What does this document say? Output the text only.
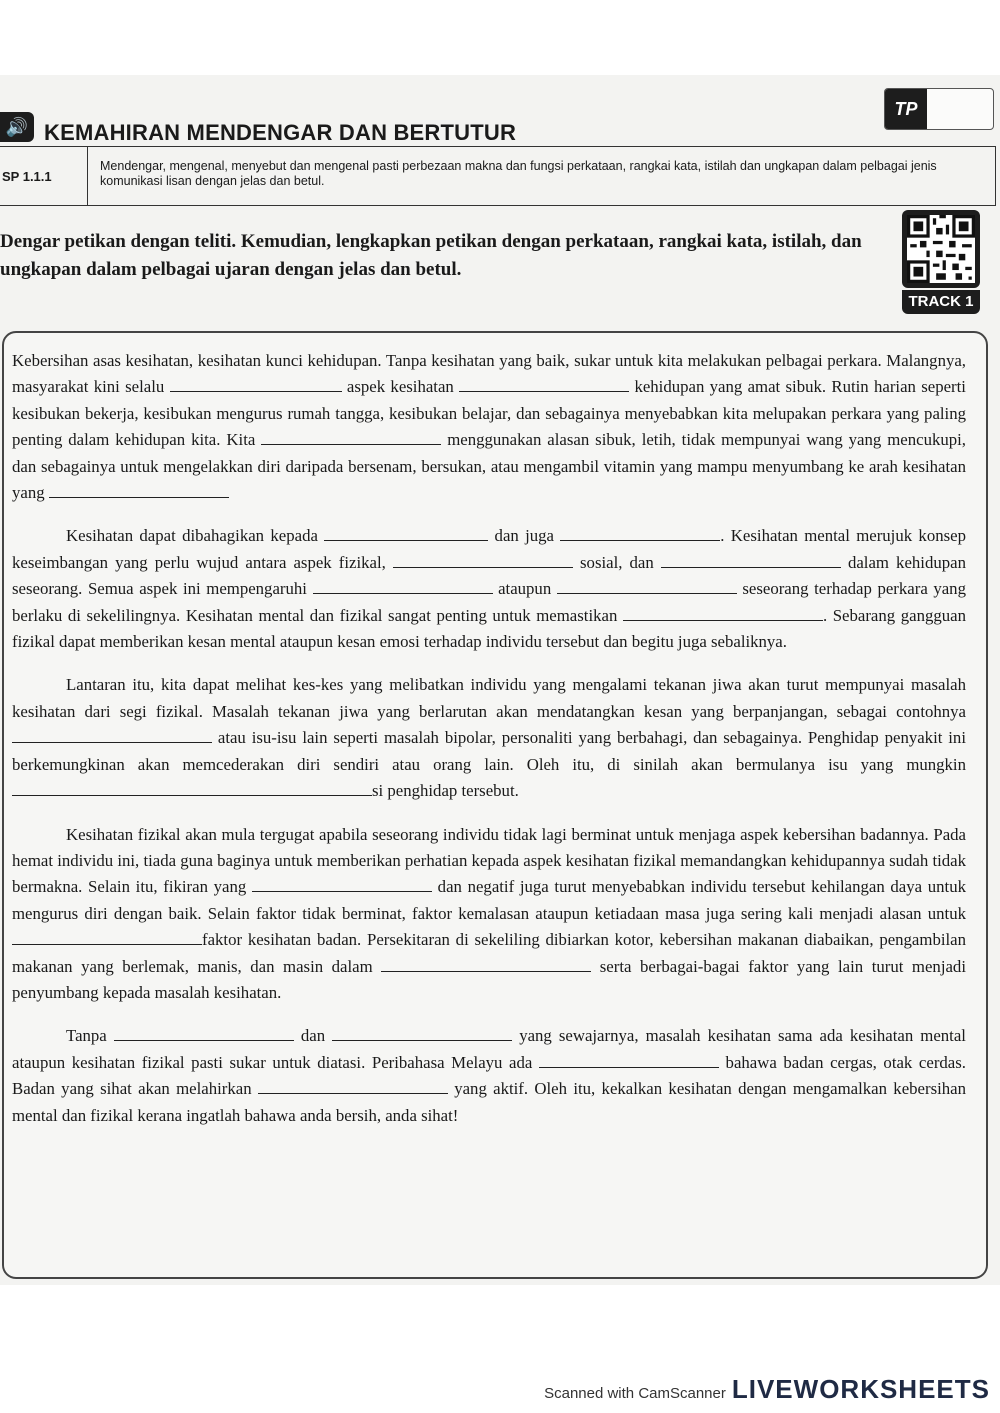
TP
🔊 KEMAHIRAN MENDENGAR DAN BERTUTUR
SP 1.1.1
Mendengar, mengenal, menyebut dan mengenal pasti perbezaan makna dan fungsi perkataan, rangkai kata, istilah dan ungkapan dalam pelbagai jenis komunikasi lisan dengan jelas dan betul.
Dengar petikan dengan teliti. Kemudian, lengkapkan petikan dengan perkataan, rangkai kata, istilah, dan ungkapan dalam pelbagai ujaran dengan jelas dan betul.
TRACK 1

Kebersihan asas kesihatan, kesihatan kunci kehidupan. Tanpa kesihatan yang baik, sukar untuk kita melakukan pelbagai perkara. Malangnya, masyarakat kini selalu	aspek kesihatan	kehidupan yang amat sibuk. Rutin harian seperti kesibukan bekerja, kesibukan mengurus rumah tangga, kesibukan belajar, dan sebagainya menyebabkan kita melupakan perkara yang paling penting dalam kehidupan kita. Kita	menggunakan alasan sibuk, letih, tidak mempunyai wang yang mencukupi, dan sebagainya untuk mengelakkan diri daripada bersenam, bersukan, atau mengambil vitamin yang mampu menyumbang ke arah kesihatan yang

Kesihatan dapat dibahagikan kepada	dan juga	. Kesihatan mental merujuk konsep keseimbangan yang perlu wujud antara aspek fizikal,	sosial, dan	dalam kehidupan seseorang. Semua aspek ini mempengaruhi	ataupun	seseorang terhadap perkara yang berlaku di sekelilingnya. Kesihatan mental dan fizikal sangat penting untuk memastikan	. Sebarang gangguan fizikal dapat memberikan kesan mental ataupun kesan emosi terhadap individu tersebut dan begitu juga sebaliknya.

Lantaran itu, kita dapat melihat kes-kes yang melibatkan individu yang mengalami tekanan jiwa akan turut mempunyai masalah kesihatan dari segi fizikal. Masalah tekanan jiwa yang berlarutan akan mendatangkan kesan yang berpanjangan, sebagai contohnya  atau isu-isu lain seperti masalah bipolar, personaliti yang berbahagi, dan sebagainya. Penghidap penyakit ini berkemungkinan akan memcederakan diri sendiri atau orang lain. Oleh itu, di sinilah akan bermulanya isu yang mungkin si penghidap tersebut.

Kesihatan fizikal akan mula tergugat apabila seseorang individu tidak lagi berminat untuk menjaga aspek kebersihan badannya. Pada hemat individu ini, tiada guna baginya untuk memberikan perhatian kepada aspek kesihatan fizikal memandangkan kehidupannya sudah tidak bermakna. Selain itu, fikiran yang	dan negatif juga turut menyebabkan individu tersebut kehilangan daya untuk mengurus diri dengan baik. Selain faktor tidak berminat, faktor kemalasan ataupun ketiadaan masa juga sering kali menjadi alasan untuk faktor kesihatan badan. Persekitaran di sekeliling dibiarkan kotor, kebersihan makanan diabaikan, pengambilan makanan yang berlemak, manis, dan masin dalam	serta berbagai-bagai faktor yang lain turut menjadi penyumbang kepada masalah kesihatan.

Tanpa	dan	yang sewajarnya, masalah kesihatan sama ada kesihatan mental ataupun kesihatan fizikal pasti sukar untuk diatasi. Peribahasa Melayu ada	bahawa badan cergas, otak cerdas. Badan yang sihat akan melahirkan	yang aktif. Oleh itu, kekalkan kesihatan dengan mengamalkan kebersihan mental dan fizikal kerana ingatlah bahawa anda bersih, anda sihat!

Scanned with CamScanner LIVEWORKSHEETS
